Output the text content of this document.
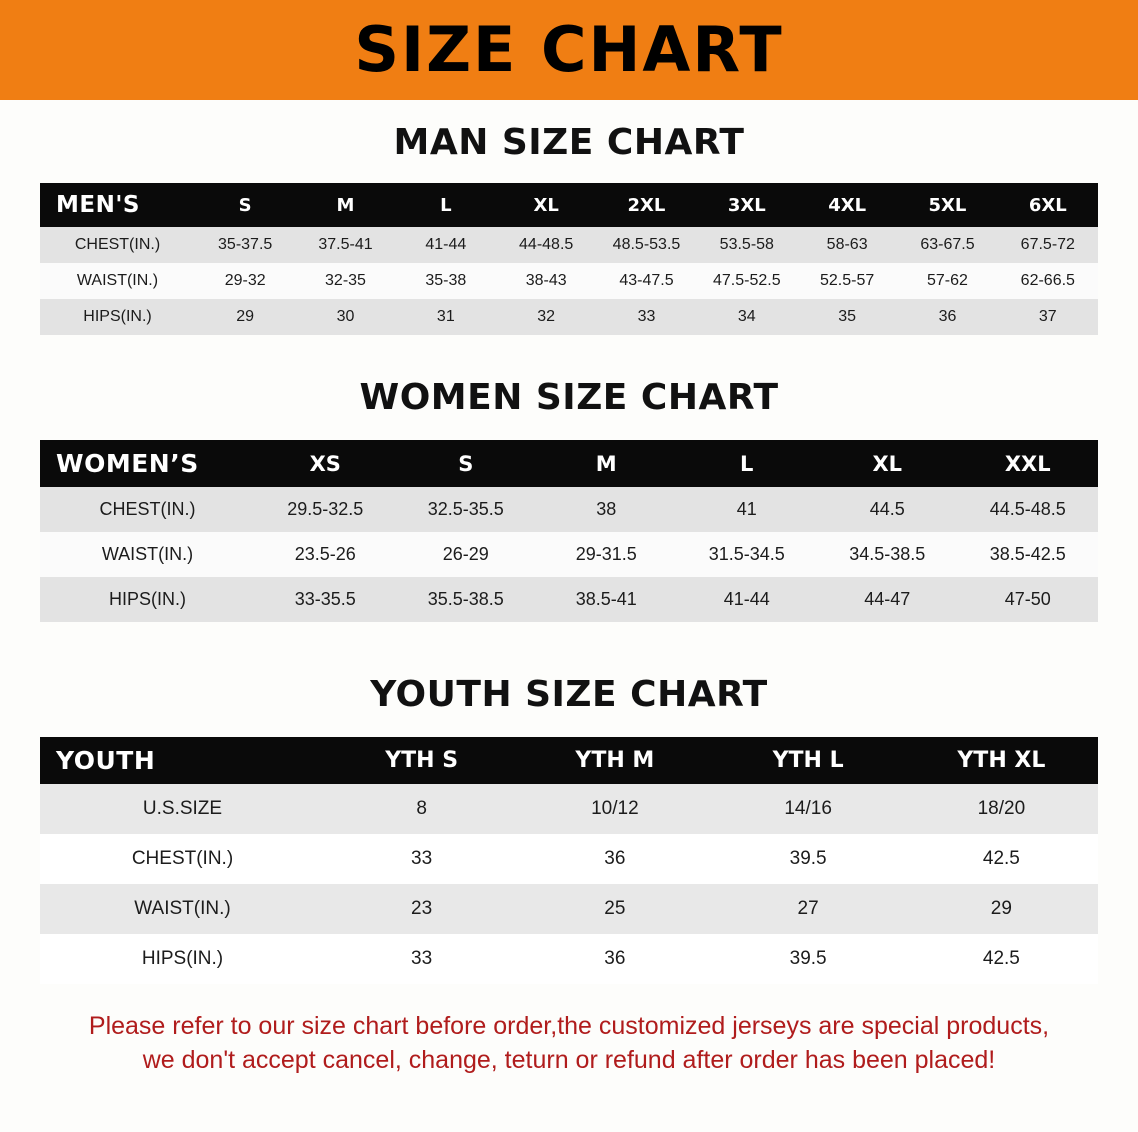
SIZE CHART
MAN SIZE CHART
MEN'S	S	M	L	XL	2XL	3XL	4XL	5XL	6XL
CHEST(IN.)	35-37.5	37.5-41	41-44	44-48.5	48.5-53.5	53.5-58	58-63	63-67.5	67.5-72
WAIST(IN.)	29-32	32-35	35-38	38-43	43-47.5	47.5-52.5	52.5-57	57-62	62-66.5
HIPS(IN.)	29	30	31	32	33	34	35	36	37
WOMEN SIZE CHART
WOMEN’S	XS	S	M	L	XL	XXL
CHEST(IN.)	29.5-32.5	32.5-35.5	38	41	44.5	44.5-48.5
WAIST(IN.)	23.5-26	26-29	29-31.5	31.5-34.5	34.5-38.5	38.5-42.5
HIPS(IN.)	33-35.5	35.5-38.5	38.5-41	41-44	44-47	47-50
YOUTH SIZE CHART
YOUTH	YTH S	YTH M	YTH L	YTH XL
U.S.SIZE	8	10/12	14/16	18/20
CHEST(IN.)	33	36	39.5	42.5
WAIST(IN.)	23	25	27	29
HIPS(IN.)	33	36	39.5	42.5
Please refer to our size chart before order,the customized jerseys are special products,
we don't accept cancel, change, teturn or refund after order has been placed!
